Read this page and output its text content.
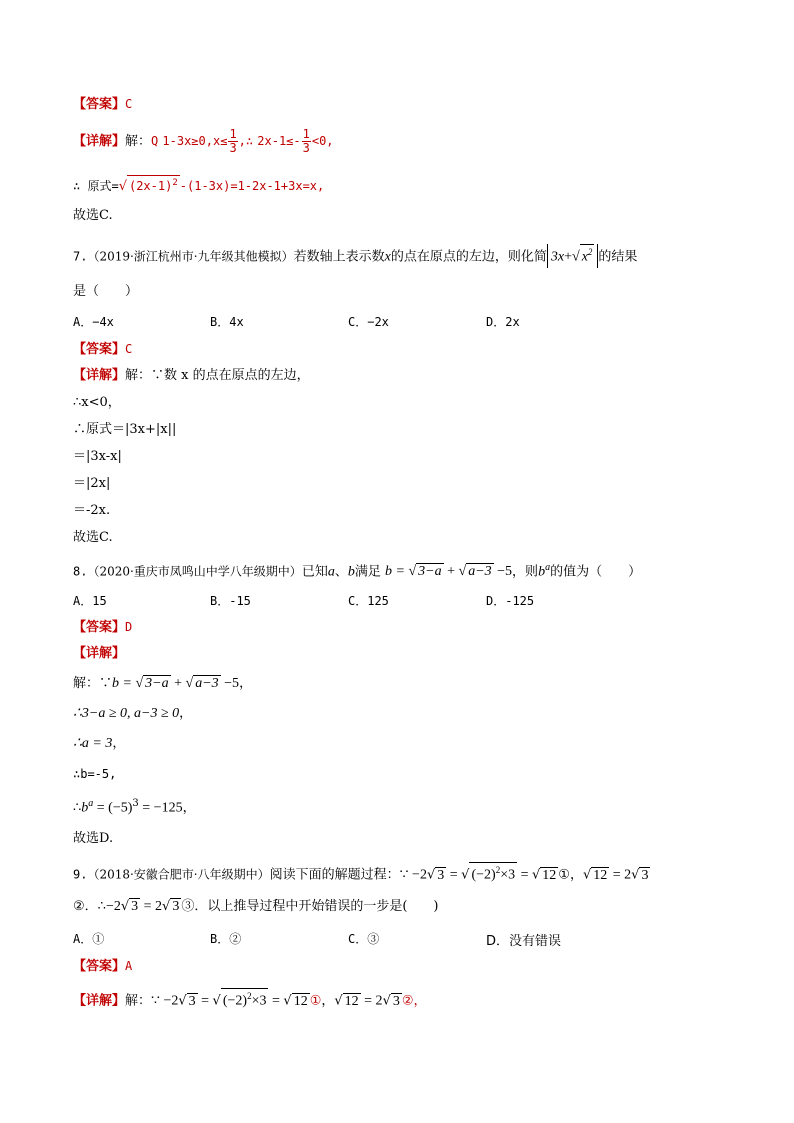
【答案】C
【详解】解：Q $1-3x\ge 0,x\le \frac{1}{3}$ ,∴ $2x-1\le- \frac{1}{3} <0$,
∴ 原式=√ $(2x-1)^2$ -(1-3x)=1-2x-1+3x=x,
故选C.
7.（2019·浙江杭州市·九年级其他模拟）若数轴上表示数x的点在原点的左边，则化简 3x+√ $x^2$ 的结果
是（　　）
A．−4x	B．4x	C．−2x	D．2x
【答案】C
【详解】解：∵数 x 的点在原点的左边，
∴x<0，
∴原式＝|3x+|x||
＝|3x-x|
＝|2x|
＝-2x.
故选C.
8.（2020·重庆市凤鸣山中学八年级期中）已知a、b满足 b = √ 3−a + √ a−3 −5，则$b^a$的值为（　　）
A．15	B．-15	C．125	D．-125
【答案】D
【详解】
解：∵b = √ 3−a + √ a−3 −5，
∴3−a ≥ 0, a−3 ≥ 0，
∴a = 3，
∴b=-5,
$\therefore b^a = (-5)^3 = -125$，
故选D.
9.（2018·安徽合肥市·八年级期中）阅读下面的解题过程：∵ −2√ 3 = √ $(-2)^2\times 3$ = √ 12 ①，√ 12 = 2√ 3
②．∴−2√ 3 = 2√ 3 ③．以上推导过程中开始错误的一步是(　　)
A．①	B．②	C．③	D．没有错误
【答案】A
【详解】解：∵ −2√ 3 = √ $(-2)^2\times 3$ = √ 12 ①，√ 12 = 2√ 3 ②，
